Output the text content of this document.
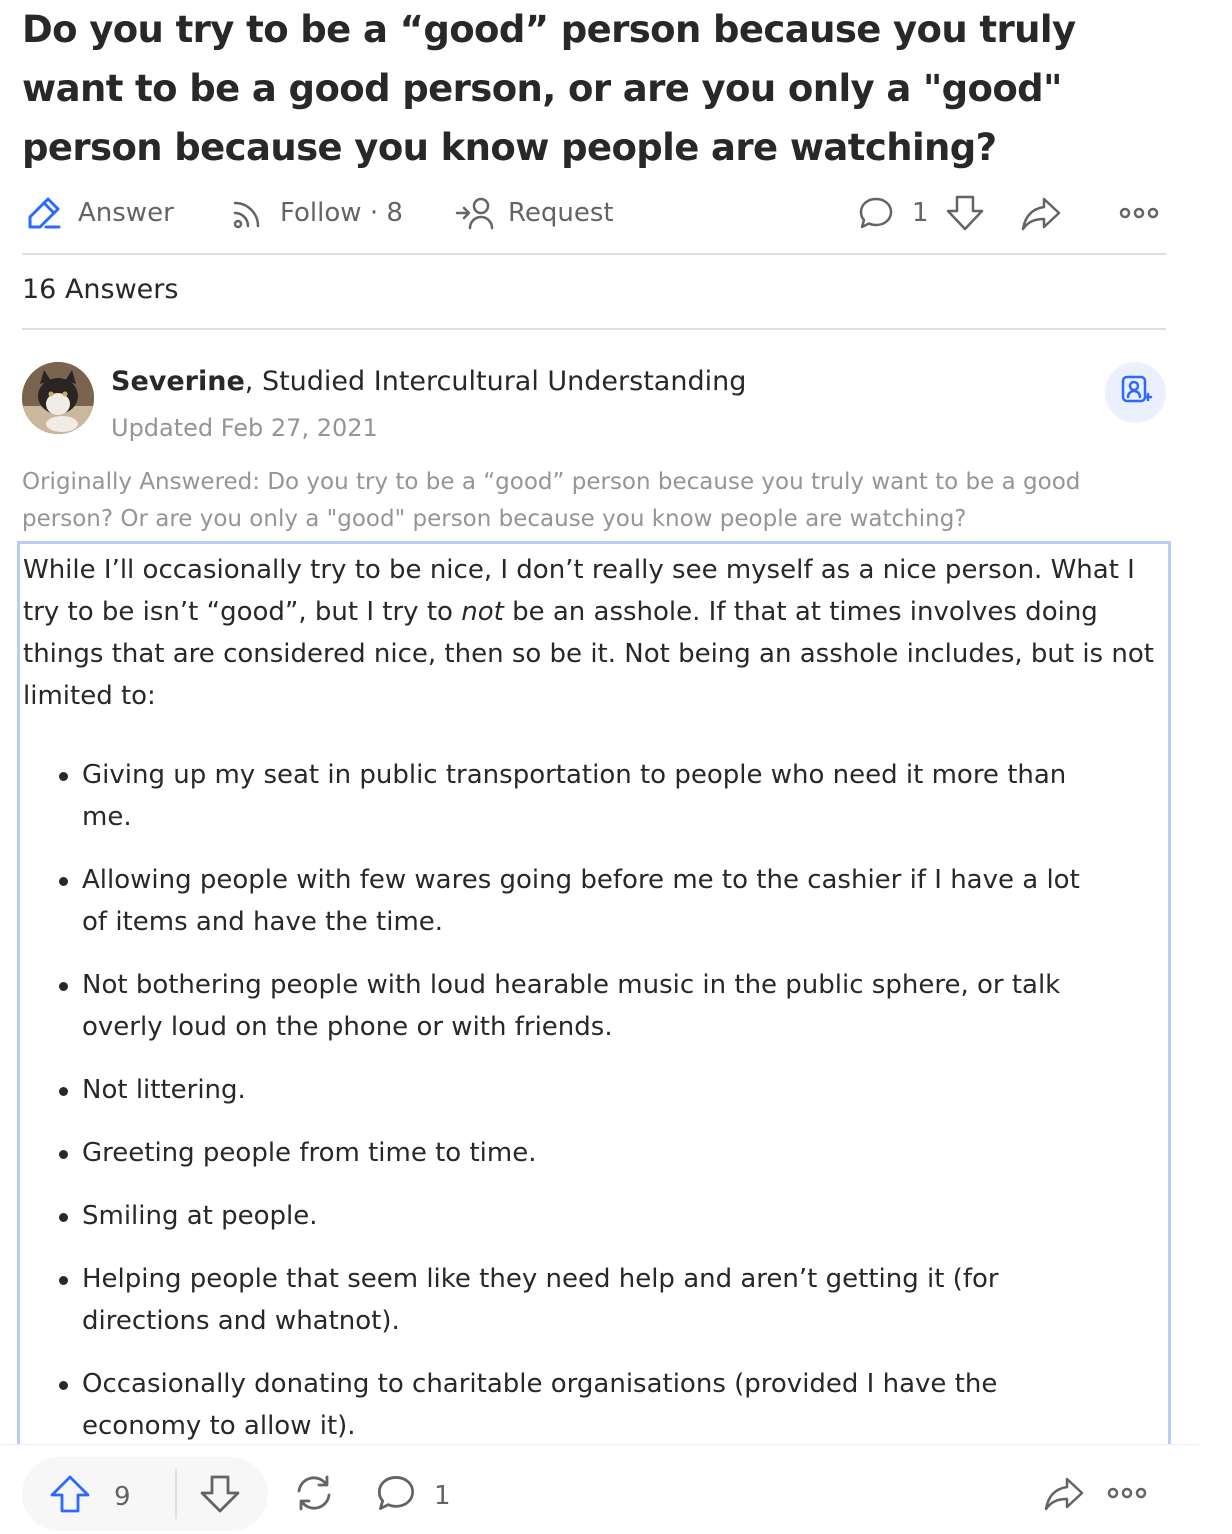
Do you try to be a “good” person because you truly want to be a good person, or are you only a "good" person because you know people are watching?
Answer	Follow · 8	Request	1
16 Answers
Severine, Studied Intercultural Understanding
Updated Feb 27, 2021
Originally Answered: Do you try to be a “good” person because you truly want to be a good person? Or are you only a "good" person because you know people are watching?

While I’ll occasionally try to be nice, I don’t really see myself as a nice person. What I try to be isn’t “good”, but I try to not be an asshole. If that at times involves doing things that are considered nice, then so be it. Not being an asshole includes, but is not limited to:

Giving up my seat in public transportation to people who need it more than me.
Allowing people with few wares going before me to the cashier if I have a lot of items and have the time.
Not bothering people with loud hearable music in the public sphere, or talk overly loud on the phone or with friends.
Not littering.
Greeting people from time to time.
Smiling at people.
Helping people that seem like they need help and aren’t getting it (for directions and whatnot).
Occasionally donating to charitable organisations (provided I have the economy to allow it).
9	1
